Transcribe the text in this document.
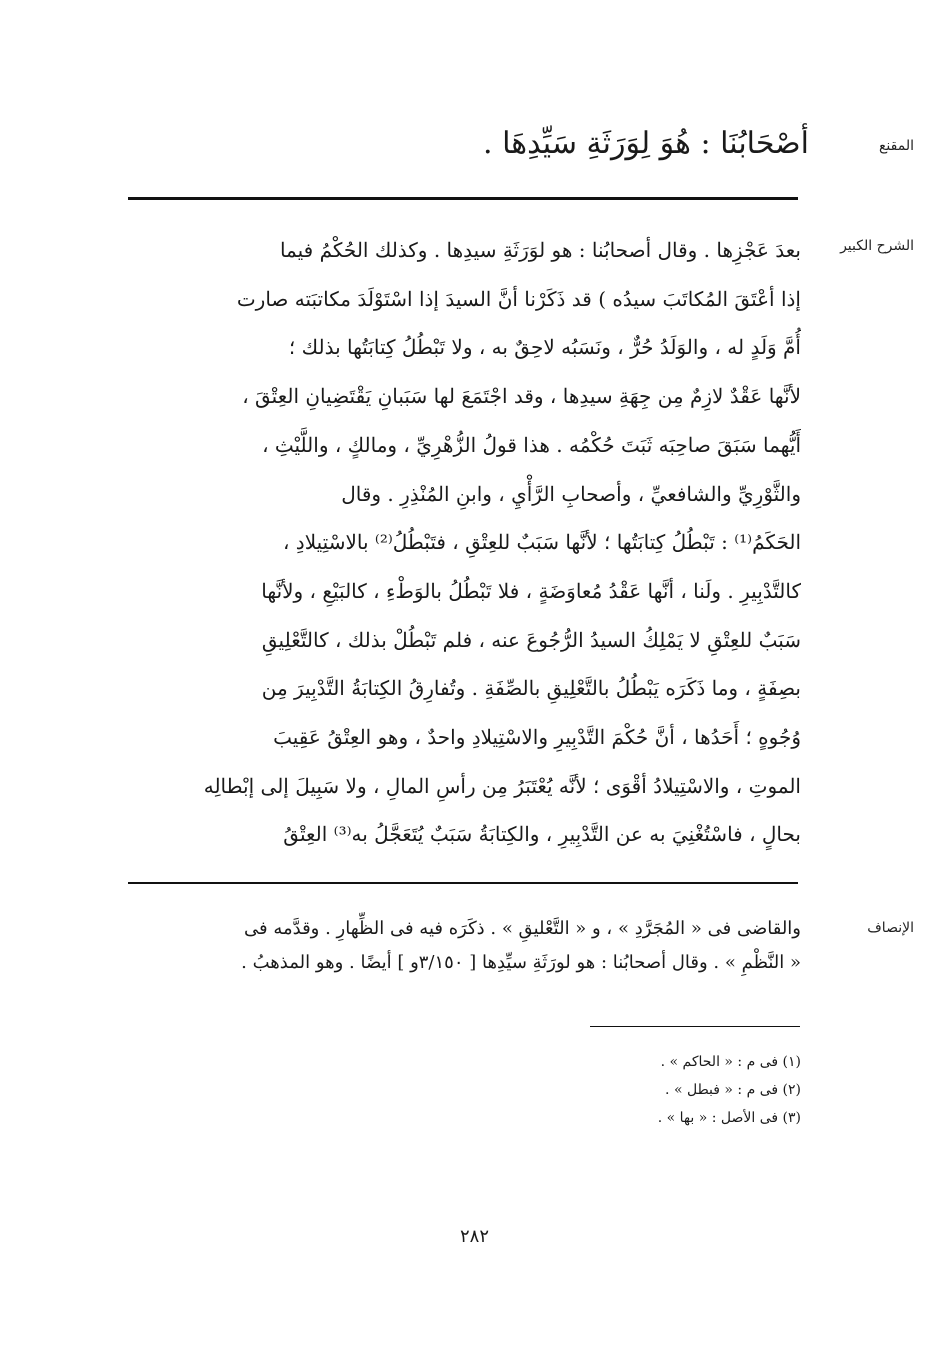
المقنع
أَصْحَابُنَا : هُوَ لِوَرَثَةِ سَيِّدِهَا .
الشرح الكبير
بعدَ عَجْزِها . وقال أصحابُنا : هو لوَرَثَةِ سيدِها . وكذلك الحُكْمُ فيما
إذا أعْتَقَ المُكاتَبَ سيدُه ) قد ذَكَرْنا أنَّ السيدَ إذا اسْتَوْلَدَ مكاتبَته صارت
أُمَّ وَلَدٍ له ، والوَلَدُ حُرٌّ ، ونَسَبُه لاحِقٌ به ، ولا تَبْطُلُ كِتابَتُها بذلك ؛
لأنَّها عَقْدٌ لازِمٌ مِن جِهَةِ سيدِها ، وقد اجْتَمَعَ لها سَبَبانِ يَقْتَضِيانِ العِتْقَ ،
أَيُّهما سَبَقَ صاحِبَه ثَبَتَ حُكْمُه . هذا قولُ الزُّهْرِيِّ ، ومالكٍ ، واللَّيْثِ ،
والثَّوْرِيِّ والشافعيِّ ، وأصحابِ الرَّأْيِ ، وابنِ المُنْذِرِ . وقال
الحَكَمُ⁽¹⁾ : تَبْطُلُ كِتابَتُها ؛ لأنَّها سَبَبٌ للعِتْقِ ، فتَبْطُلُ⁽²⁾ بالاسْتِيلادِ ،
كالتَّدْبِيرِ . ولَنا ، أنَّها عَقْدُ مُعاوَضَةٍ ، فلا تَبْطُلُ بالوَطْءِ ، كالبَيْعِ ، ولأنَّها
سَبَبٌ للعِتْقِ لا يَمْلِكُ السيدُ الرُّجُوعَ عنه ، فلم تَبْطُلْ بذلك ، كالتَّعْلِيقِ
بصِفَةٍ ، وما ذَكَرَه يَبْطُلُ بالتَّعْلِيقِ بالصِّفَةِ . وتُفارِقُ الكِتابَةُ التَّدْبِيرَ مِن
وُجُوهٍ ؛ أَحَدُها ، أنَّ حُكْمَ التَّدْبِيرِ والاسْتِيلادِ واحدٌ ، وهو العِتْقُ عَقِيبَ
الموتِ ، والاسْتِيلادُ أقْوَى ؛ لأنَّه يُعْتَبَرُ مِن رأسِ المالِ ، ولا سَبِيلَ إلى إبْطالِه
بحالٍ ، فاسْتُغْنِيَ به عن التَّدْبِيرِ ، والكِتابَةُ سَبَبٌ يُتَعَجَّلُ به⁽³⁾ العِتْقُ
الإنصاف
والقاضى فى « المُجَرَّدِ » ، و « التَّعْليقِ » . ذكَرَه فيه فى الظِّهارِ . وقدَّمه فى
« النَّظْمِ » . وقال أصحابُنا : هو لورَثَةِ سيِّدِها [ ٣/١٥٠و ] أيضًا . وهو المذهبُ .
(١) فى م : « الحاكم » .
(٢) فى م : « فبطل » .
(٣) فى الأصل : « بها » .
٢٨٢
